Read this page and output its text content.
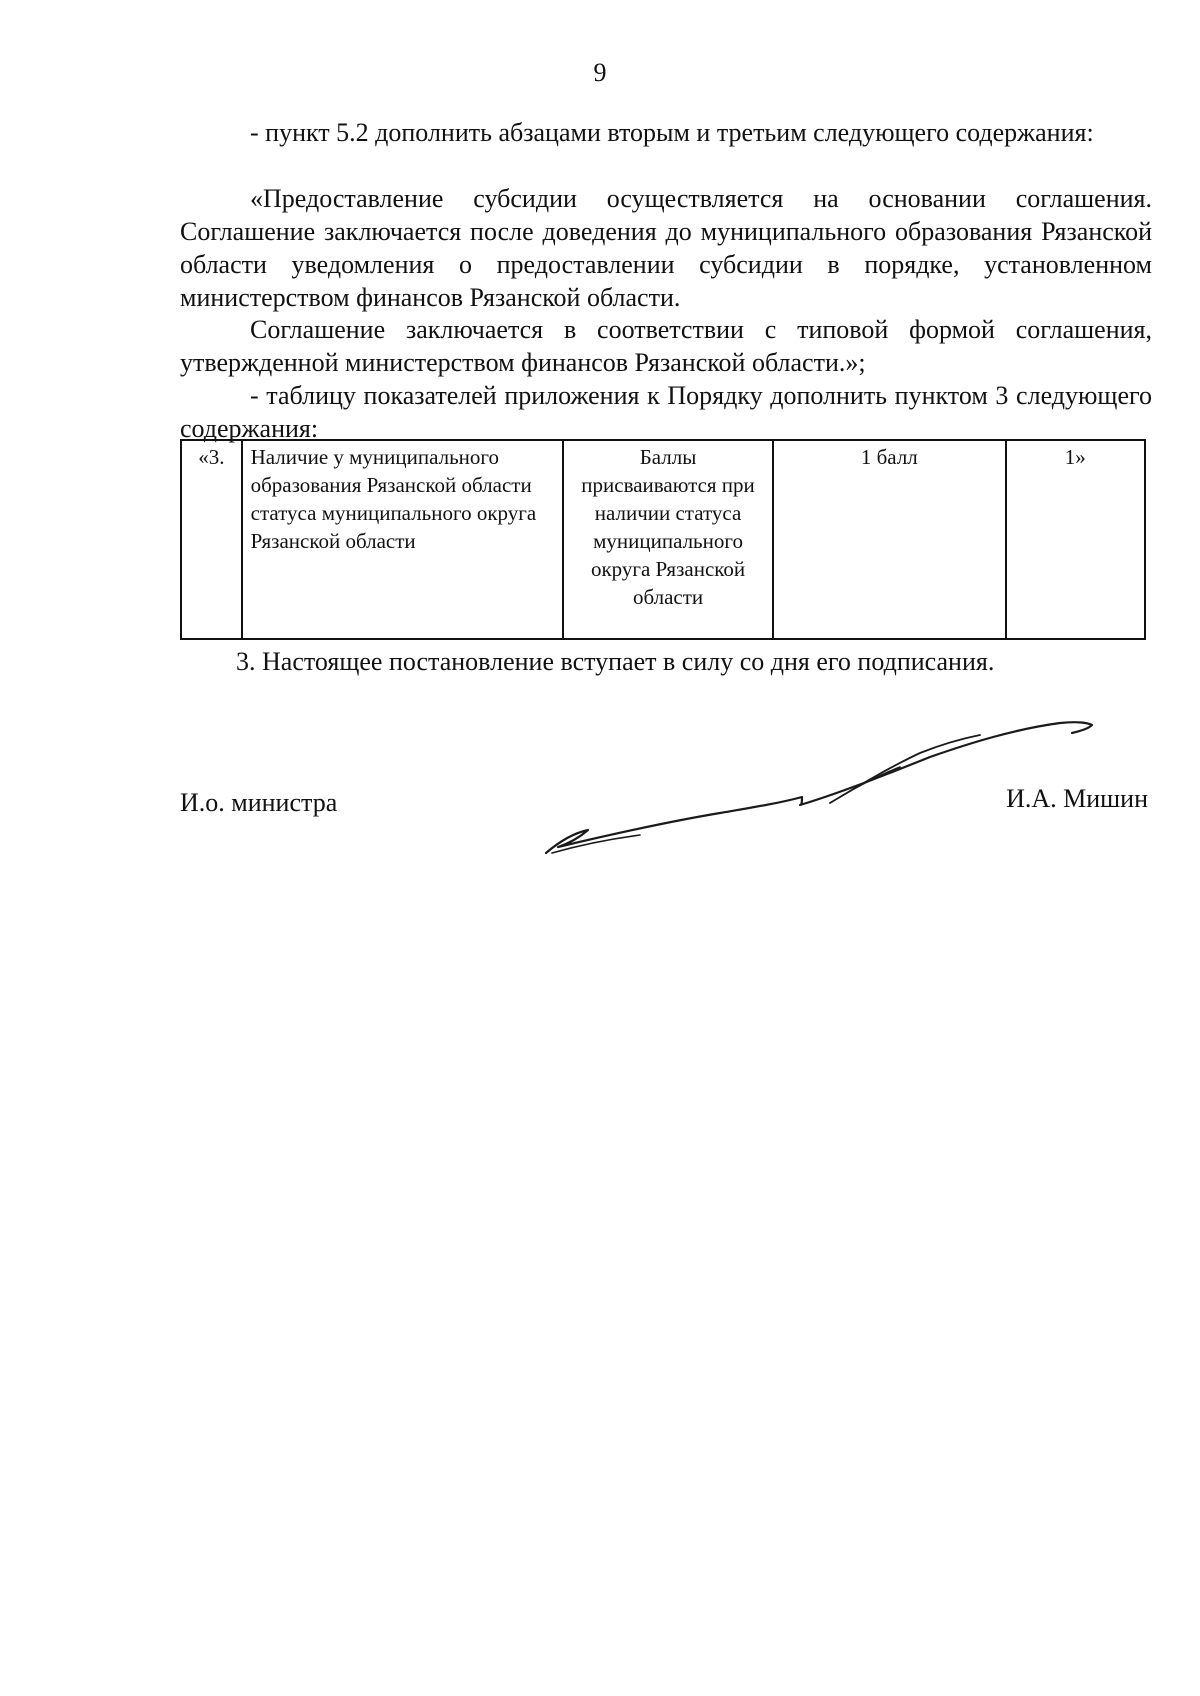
9

- пункт 5.2 дополнить абзацами вторым и третьим следующего содержания:

«Предоставление субсидии осуществляется на основании соглашения. Соглашение заключается после доведения до муниципального образования Рязанской области уведомления о предоставлении субсидии в порядке, установленном министерством финансов Рязанской области.

Соглашение заключается в соответствии с типовой формой соглашения, утвержденной министерством финансов Рязанской области.»;

- таблицу показателей приложения к Порядку дополнить пунктом 3 следующего содержания:

«3.	Наличие у муниципального образования Рязанской области статуса муниципального округа Рязанской области	Баллы присваиваются при наличии статуса муниципального округа Рязанской области	1 балл	1»

3. Настоящее постановление вступает в силу со дня его подписания.

И.о. министра	И.А. Мишин
